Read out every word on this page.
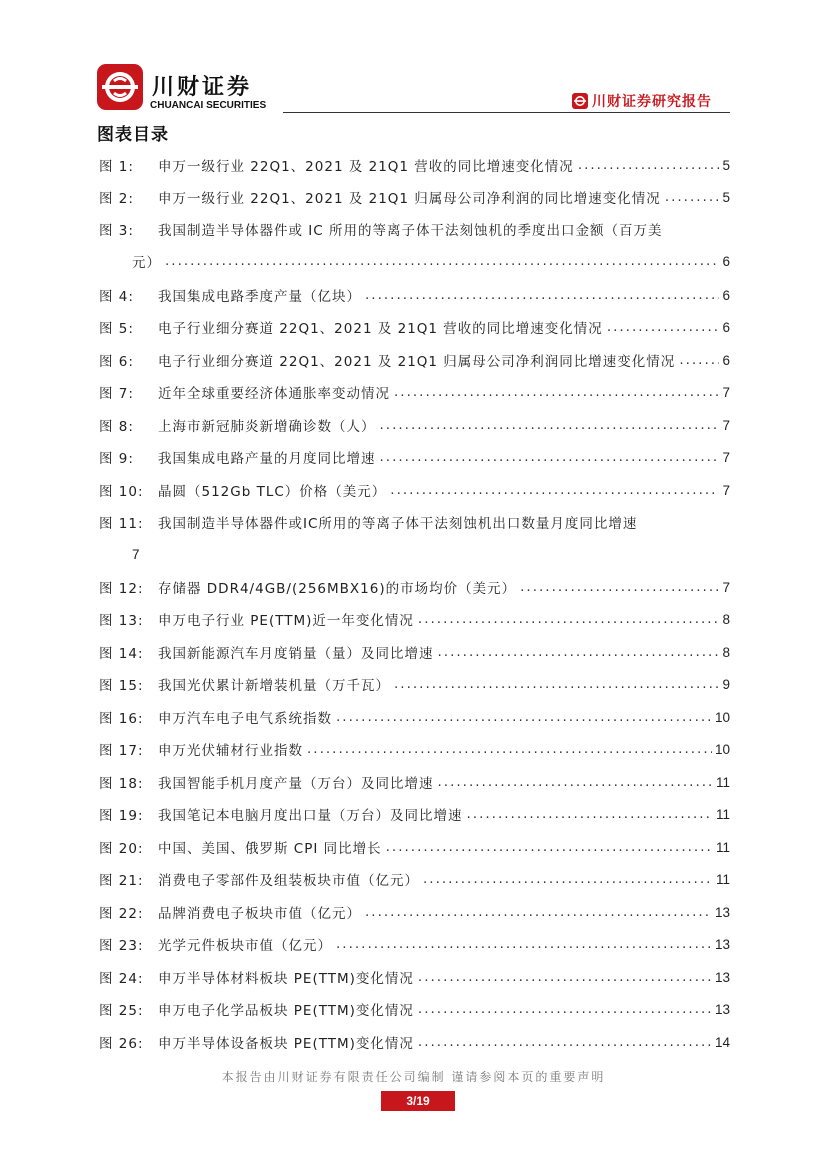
川财证券
CHUANCAI SECURITIES	川财证券研究报告
图表目录
图 1:	申万一级行业 22Q1、2021 及 21Q1 营收的同比增速变化情况 .....	5
图 2:	申万一级行业 22Q1、2021 及 21Q1 归属母公司净利润的同比增速变化情况 .....	5
图 3:	我国制造半导体器件或 IC 所用的等离子体干法刻蚀机的季度出口金额（百万美
元） .....	6
图 4:	我国集成电路季度产量（亿块） .....	6
图 5:	电子行业细分赛道 22Q1、2021 及 21Q1 营收的同比增速变化情况 .....	6
图 6:	电子行业细分赛道 22Q1、2021 及 21Q1 归属母公司净利润同比增速变化情况 .....	6
图 7:	近年全球重要经济体通胀率变动情况 .....	7
图 8:	上海市新冠肺炎新增确诊数（人） .....	7
图 9:	我国集成电路产量的月度同比增速 .....	7
图 10:	晶圆（512Gb TLC）价格（美元） .....	7
图 11:	我国制造半导体器件或IC所用的等离子体干法刻蚀机出口数量月度同比增速
7
图 12:	存储器 DDR4/4GB/(256MBX16)的市场均价（美元） .....	7
图 13:	申万电子行业 PE(TTM)近一年变化情况 .....	8
图 14:	我国新能源汽车月度销量（量）及同比增速 .....	8
图 15:	我国光伏累计新增装机量（万千瓦） .....	9
图 16:	申万汽车电子电气系统指数 .....	10
图 17:	申万光伏辅材行业指数 .....	10
图 18:	我国智能手机月度产量（万台）及同比增速 .....	11
图 19:	我国笔记本电脑月度出口量（万台）及同比增速 .....	11
图 20:	中国、美国、俄罗斯 CPI 同比增长 .....	11
图 21:	消费电子零部件及组装板块市值（亿元） .....	11
图 22:	品牌消费电子板块市值（亿元） .....	13
图 23:	光学元件板块市值（亿元） .....	13
图 24:	申万半导体材料板块 PE(TTM)变化情况 .....	13
图 25:	申万电子化学品板块 PE(TTM)变化情况 .....	13
图 26:	申万半导体设备板块 PE(TTM)变化情况 .....	14
本报告由川财证券有限责任公司编制 谨请参阅本页的重要声明
3/19
